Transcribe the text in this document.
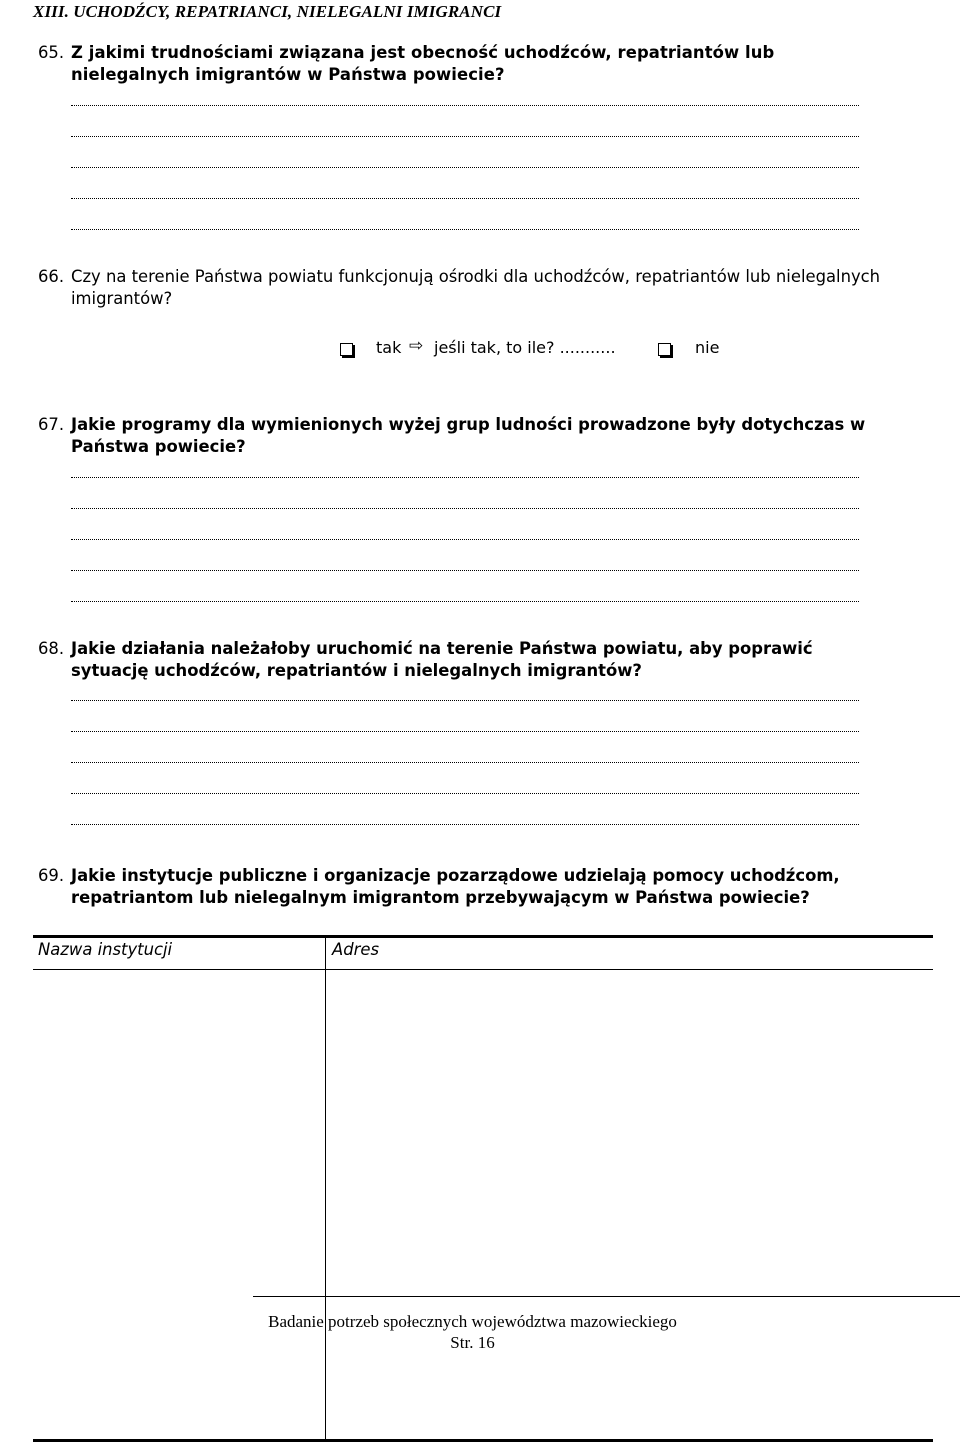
XIII. UCHODŹCY, REPATRIANCI, NIELEGALNI IMIGRANCI
65. Z jakimi trudnościami związana jest obecność uchodźców, repatriantów lub nielegalnych imigrantów w Państwa powiecie?
66. Czy na terenie Państwa powiatu funkcjonują ośrodki dla uchodźców, repatriantów lub nielegalnych imigrantów?
tak ⇨ jeśli tak, to ile? ...........	nie
67. Jakie programy dla wymienionych wyżej grup ludności prowadzone były dotychczas w Państwa powiecie?
68. Jakie działania należałoby uruchomić na terenie Państwa powiatu, aby poprawić sytuację uchodźców, repatriantów i nielegalnych imigrantów?
69. Jakie instytucje publiczne i organizacje pozarządowe udzielają pomocy uchodźcom, repatriantom lub nielegalnym imigrantom przebywającym w Państwa powiecie?
Nazwa instytucji	Adres
Badanie potrzeb społecznych województwa mazowieckiego
Str. 16
